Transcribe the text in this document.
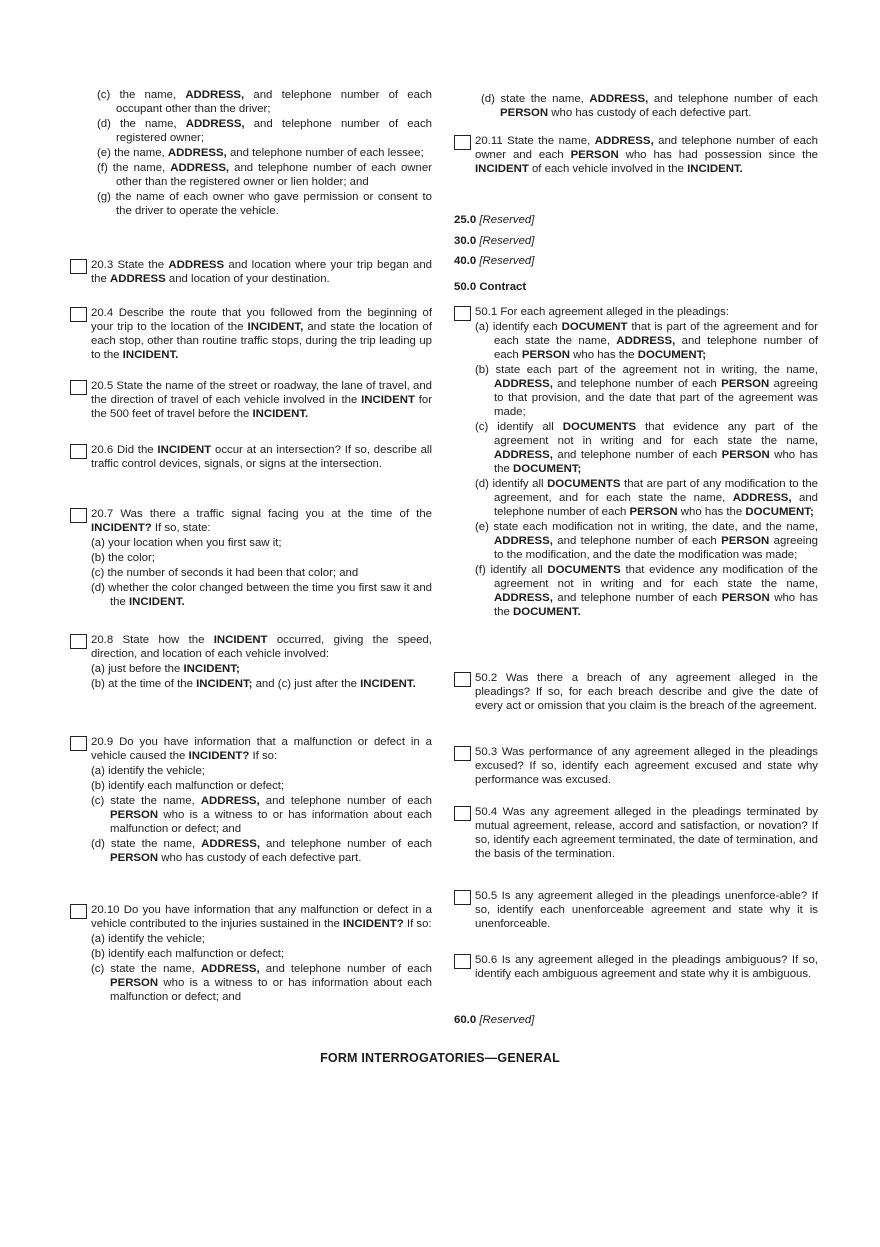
(c) the name, ADDRESS, and telephone number of each occupant other than the driver;
(d) the name, ADDRESS, and telephone number of each registered owner;
(e) the name, ADDRESS, and telephone number of each lessee;
(f) the name, ADDRESS, and telephone number of each owner other than the registered owner or lien holder; and
(g) the name of each owner who gave permission or consent to the driver to operate the vehicle.
20.3 State the ADDRESS and location where your trip began and the ADDRESS and location of your destination.
20.4 Describe the route that you followed from the beginning of your trip to the location of the INCIDENT, and state the location of each stop, other than routine traffic stops, during the trip leading up to the INCIDENT.
20.5 State the name of the street or roadway, the lane of travel, and the direction of travel of each vehicle involved in the INCIDENT for the 500 feet of travel before the INCIDENT.
20.6 Did the INCIDENT occur at an intersection? If so, describe all traffic control devices, signals, or signs at the intersection.
20.7 Was there a traffic signal facing you at the time of the INCIDENT? If so, state:
(a) your location when you first saw it;
(b) the color;
(c) the number of seconds it had been that color; and
(d) whether the color changed between the time you first saw it and the INCIDENT.
20.8 State how the INCIDENT occurred, giving the speed, direction, and location of each vehicle involved:
(a) just before the INCIDENT;
(b) at the time of the INCIDENT; and (c) just after the INCIDENT.
20.9 Do you have information that a malfunction or defect in a vehicle caused the INCIDENT? If so:
(a) identify the vehicle;
(b) identify each malfunction or defect;
(c) state the name, ADDRESS, and telephone number of each PERSON who is a witness to or has information about each malfunction or defect; and
(d) state the name, ADDRESS, and telephone number of each PERSON who has custody of each defective part.
20.10 Do you have information that any malfunction or defect in a vehicle contributed to the injuries sustained in the INCIDENT? If so:
(a) identify the vehicle;
(b) identify each malfunction or defect;
(c) state the name, ADDRESS, and telephone number of each PERSON who is a witness to or has information about each malfunction or defect; and
(d) state the name, ADDRESS, and telephone number of each PERSON who has custody of each defective part.
20.11 State the name, ADDRESS, and telephone number of each owner and each PERSON who has had possession since the INCIDENT of each vehicle involved in the INCIDENT.
25.0 [Reserved]
30.0 [Reserved]
40.0 [Reserved]
50.0 Contract
50.1 For each agreement alleged in the pleadings:
(a) identify each DOCUMENT that is part of the agreement and for each state the name, ADDRESS, and telephone number of each PERSON who has the DOCUMENT;
(b) state each part of the agreement not in writing, the name, ADDRESS, and telephone number of each PERSON agreeing to that provision, and the date that part of the agreement was made;
(c) identify all DOCUMENTS that evidence any part of the agreement not in writing and for each state the name, ADDRESS, and telephone number of each PERSON who has the DOCUMENT;
(d) identify all DOCUMENTS that are part of any modification to the agreement, and for each state the name, ADDRESS, and telephone number of each PERSON who has the DOCUMENT;
(e) state each modification not in writing, the date, and the name, ADDRESS, and telephone number of each PERSON agreeing to the modification, and the date the modification was made;
(f) identify all DOCUMENTS that evidence any modification of the agreement not in writing and for each state the name, ADDRESS, and telephone number of each PERSON who has the DOCUMENT.
50.2 Was there a breach of any agreement alleged in the pleadings? If so, for each breach describe and give the date of every act or omission that you claim is the breach of the agreement.
50.3 Was performance of any agreement alleged in the pleadings excused? If so, identify each agreement excused and state why performance was excused.
50.4 Was any agreement alleged in the pleadings terminated by mutual agreement, release, accord and satisfaction, or novation? If so, identify each agreement terminated, the date of termination, and the basis of the termination.
50.5 Is any agreement alleged in the pleadings unenforce-able? If so, identify each unenforceable agreement and state why it is unenforceable.
50.6 Is any agreement alleged in the pleadings ambiguous? If so, identify each ambiguous agreement and state why it is ambiguous.
60.0 [Reserved]
FORM INTERROGATORIES—GENERAL
